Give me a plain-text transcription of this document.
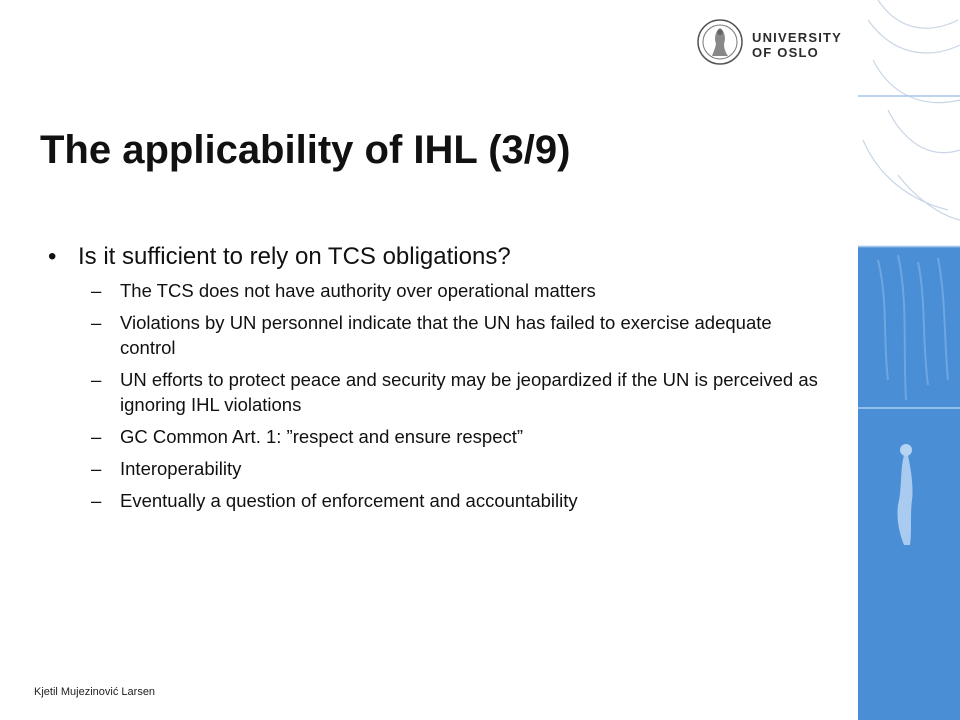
UNIVERSITY
OF OSLO
The applicability of IHL (3/9)
• Is it sufficient to rely on TCS obligations?
– The TCS does not have authority over operational matters
– Violations by UN personnel indicate that the UN has failed to exercise adequate control
– UN efforts to protect peace and security may be jeopardized if the UN is perceived as ignoring IHL violations
– GC Common Art. 1: ”respect and ensure respect”
– Interoperability
– Eventually a question of enforcement and accountability
Kjetil Mujezinović Larsen
